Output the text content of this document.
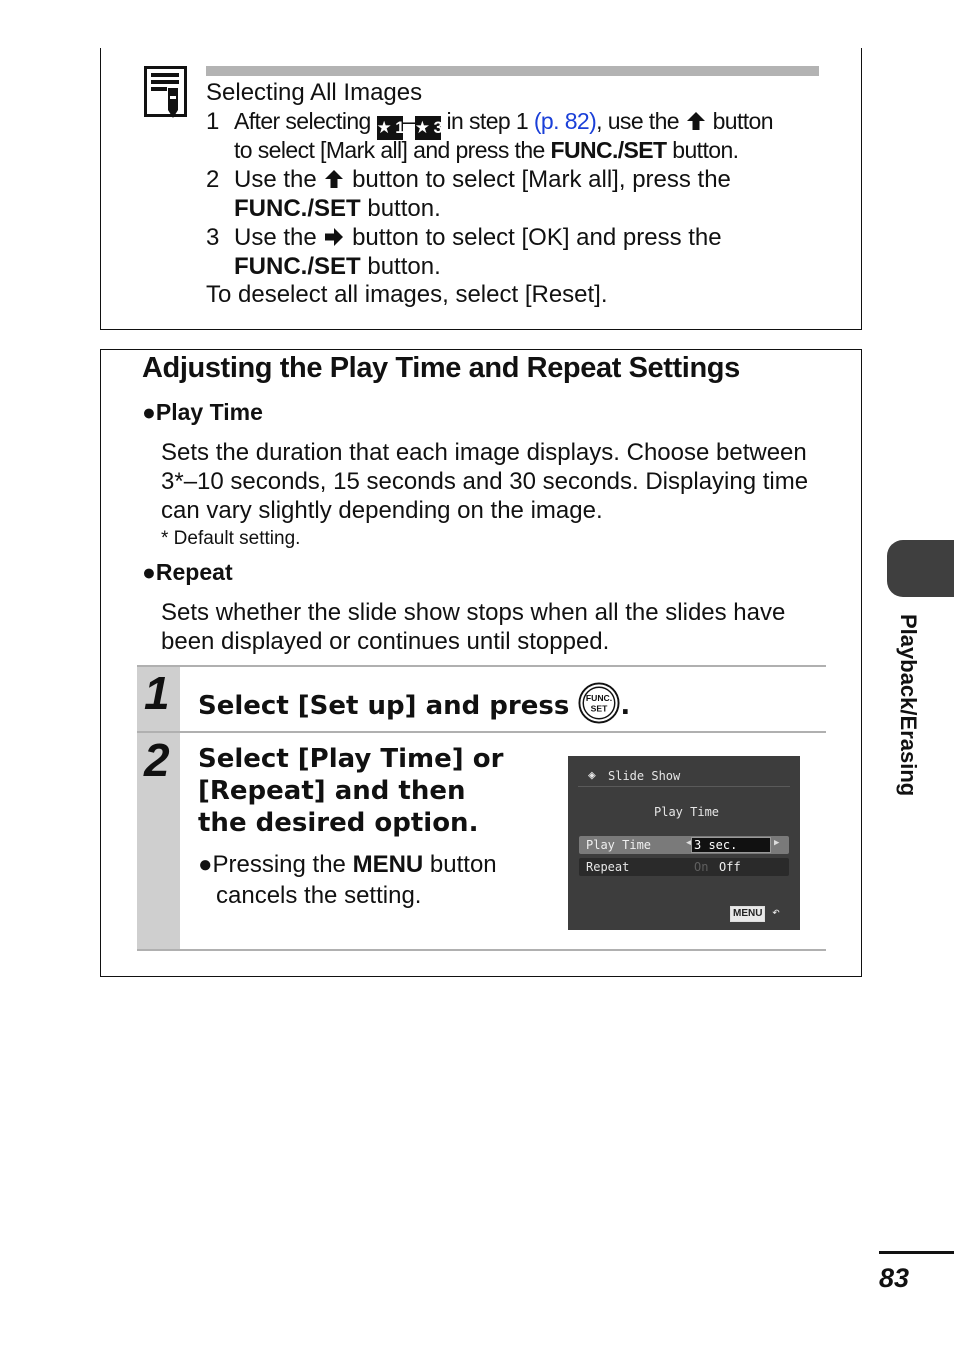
Selecting All Images
1 After selecting ★ 1–★ 3 in step 1 (p. 82), use the  button
to select [Mark all] and press the FUNC./SET button.
2 Use the  button to select [Mark all], press the
FUNC./SET button.
3 Use the  button to select [OK] and press the
FUNC./SET button.
To deselect all images, select [Reset].
Adjusting the Play Time and Repeat Settings
●Play Time
Sets the duration that each image displays. Choose between
3*–10 seconds, 15 seconds and 30 seconds. Displaying time
can vary slightly depending on the image.
* Default setting.
●Repeat
Sets whether the slide show stops when all the slides have
been displayed or continues until stopped.
1 Select [Set up] and press FUNC.
SET .
2 Select [Play Time] or
[Repeat] and then
the desired option.
●Pressing the MENU button
cancels the setting.
◈ Slide Show
Play Time
Play Time	◀ 3 sec.	▶
Repeat	On Off
MENU ↶
Playback/Erasing
83
